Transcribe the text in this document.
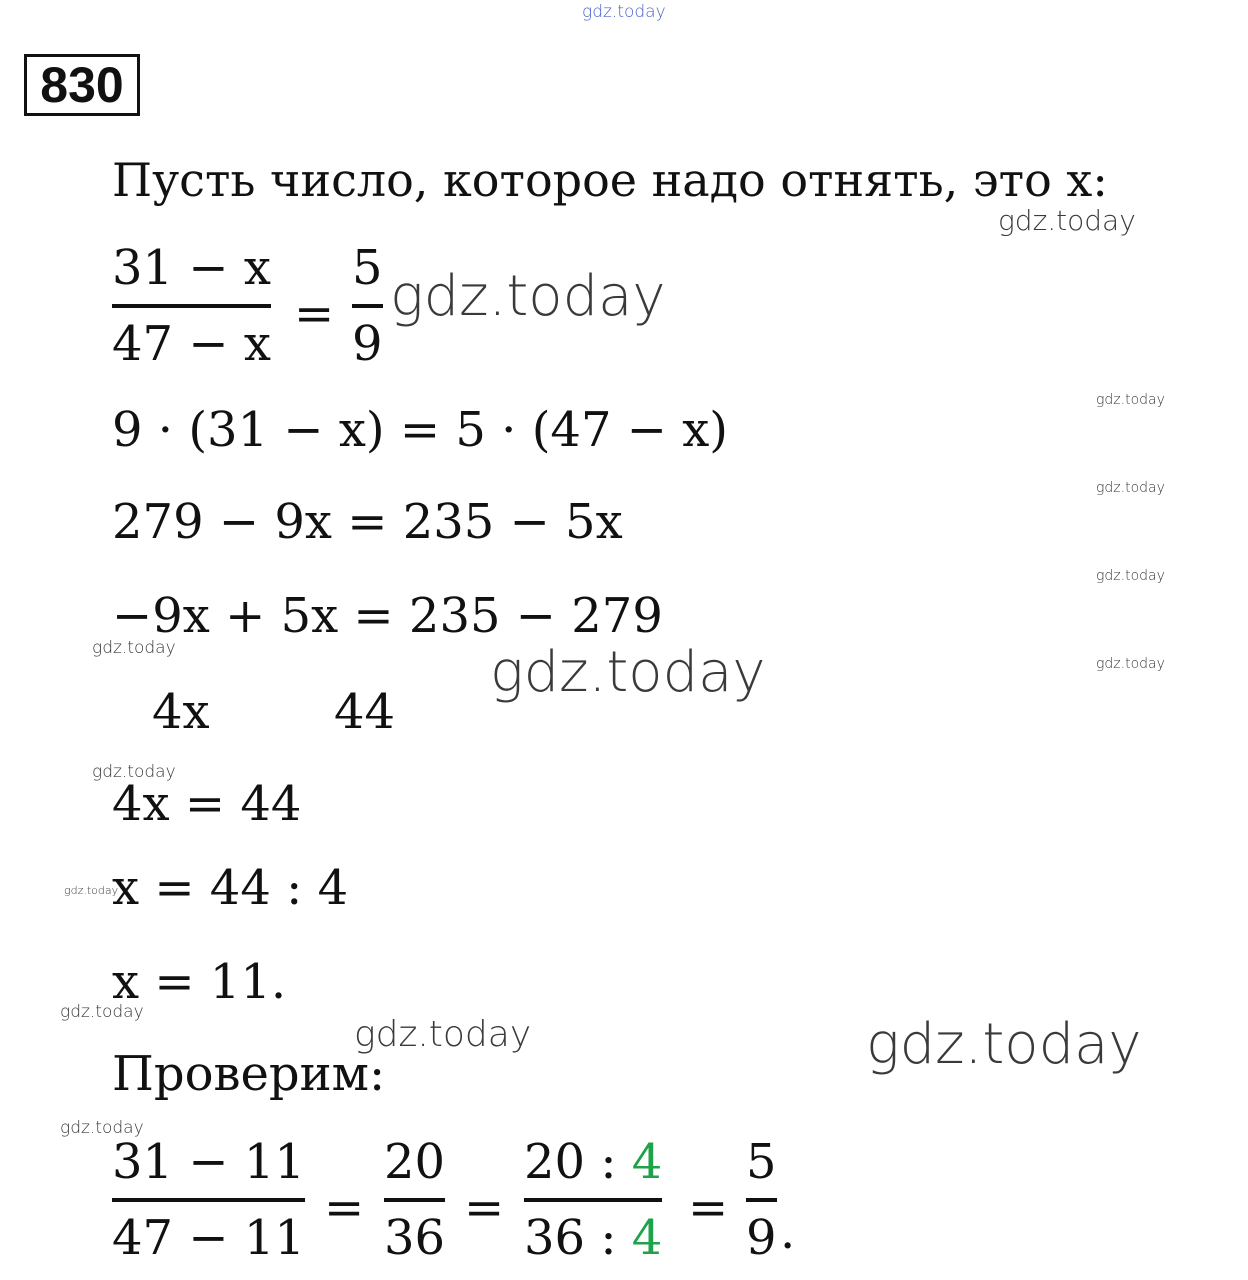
gdz.today
830
Пусть число, которое надо отнять, это x:
gdz.today
31 − x
47 − x
=
5
9
gdz.today
9 · (31 − x) = 5 · (47 − x)
gdz.today
279 − 9x = 235 − 5x
gdz.today
−9x + 5x = 235 − 279
gdz.today
gdz.today	gdz.today	gdz.today
4x	44
gdz.today
4x = 44
gdz.today
x = 44 : 4
x = 11.
gdz.today
gdz.today	gdz.today
Проверим:
gdz.today
31 − 11
47 − 11
=
20
36
=
20 : 4
36 : 4
=
5
9 .
